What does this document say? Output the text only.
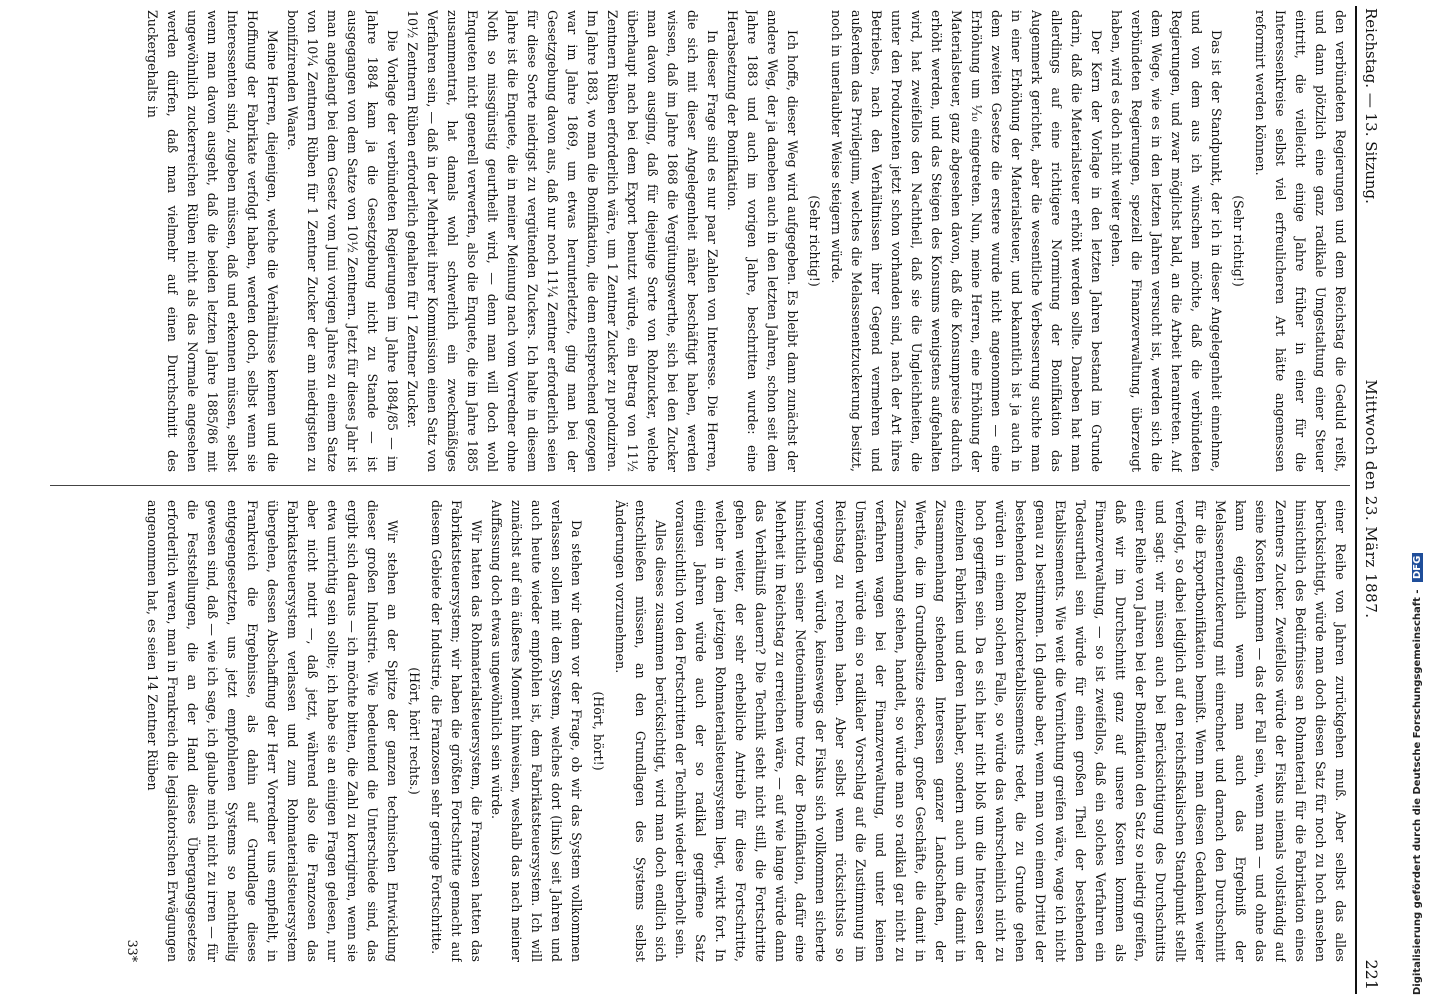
Reichstag. — 13. Sitzung.
Mittwoch den 23. März 1887.
221

den verbündeten Regierungen und dem Reichstag die Geduld reißt, und dann plötzlich eine ganz radikale Umgestaltung einer Steuer eintritt, die vielleicht einige Jahre früher in einer für die Interessenkreise selbst viel erfreulicheren Art hätte angemessen reformirt werden können.

(Sehr richtig!)

Das ist der Standpunkt, der ich in dieser Angelegenheit einnehme, und von dem aus ich wünschen möchte, daß die verbündeten Regierungen, und zwar möglichst bald, an die Arbeit herantreten. Auf dem Wege, wie es in den letzten Jahren versucht ist, werden sich die verbündeten Regierungen, speziell die Finanzverwaltung, überzeugt haben, wird es doch nicht weiter gehen.

Der Kern der Vorlage in den letzten Jahren bestand im Grunde darin, daß die Materialsteuer erhöht werden sollte. Daneben hat man allerdings auf eine richtigere Normirung der Bonifikation das Augenmerk gerichtet, aber die wesentliche Verbesserung suchte man in einer Erhöhung der Materialsteuer, und bekanntlich ist ja auch in dem zweiten Gesetze die erstere wurde nicht angenommen — eine Erhöhung um ⅒ eingetreten. Nun, meine Herren, eine Erhöhung der Materialsteuer, ganz abgesehen davon, daß die Konsumpreise dadurch erhöht werden, und das Steigen des Konsums wenigstens aufgehalten wird, hat zweifellos den Nachtheil, daß sie die Ungleichheiten, die unter den Produzenten jetzt schon vorhanden sind, nach der Art ihres Betriebes, nach den Verhältnissen ihrer Gegend vermehren und außerdem das Privilegium, welches die Melassenentzuckerung besitzt, noch in unerlaubter Weise steigern würde.

(Sehr richtig!)

Ich hoffe, dieser Weg wird aufgegeben. Es bleibt dann zunächst der andere Weg, der ja daneben auch in den letzten Jahren, schon seit dem Jahre 1883 und auch im vorigen Jahre, beschritten wurde: eine Herabsetzung der Bonifikation.

In dieser Frage sind es nur paar Zahlen von Interesse. Die Herren, die sich mit dieser Angelegenheit näher beschäftigt haben, werden wissen, daß im Jahre 1868 die Vergütungswerthe, sich bei den Zucker man davon ausging, daß für diejenige Sorte von Rohzucker, welche überhaupt nach bei dem Export benutzt würde, ein Betrag von 11½ Zentnern Rüben erforderlich wäre, um 1 Zentner Zucker zu produziren. Im Jahre 1883, wo man die Bonifikation, die dem entsprechend gezogen war im Jahre 1869, um etwas herunterletzte, ging man bei der Gesetzgebung davon aus, daß nur noch 11¼ Zentner erforderlich seien für diese Sorte niedrigst zu vergütenden Zuckers. Ich halte in diesem Jahre ist die Enquete, die in meiner Meinung nach vom Vorredner ohne Noth so missgünstig geurtheilt wird, — denn man will doch wohl Enqueten nicht generell verwerfen, also die Enquete, die im Jahre 1885 zusammentrat, hat damals wohl schwerlich ein zweckmäßiges Verfahren sein, — daß in der Mehrheit ihrer Kommission einen Satz von 10½ Zentnern Rüben erforderlich gehalten für 1 Zentner Zucker.

Die Vorlage der verbündeten Regierungen im Jahre 1884/85 — im Jahre 1884 kam ja die Gesetzgebung nicht zu Stande — ist ausgegangen von dem Satze von 10½ Zentnern. Jetzt für dieses Jahr ist man angelangt bei dem Gesetz vom Juni vorigen Jahres zu einem Satze von 10¼ Zentnern Rüben für 1 Zentner Zucker der am niedrigsten zu bonifizirenden Waare.

Meine Herren, diejenigen, welche die Verhältnisse kennen und die Hoffnung der Fabrikate verfolgt haben, werden doch, selbst wenn sie Interessenten sind, zugeben müssen, daß und erkennen müssen, selbst wenn man davon ausgeht, daß die beiden letzten Jahre 1885/86 mit ungewöhnlich zuckerreichen Rüben nicht als das Normale angesehen werden dürfen, daß man vielmehr auf einen Durchschnitt des Zuckergehalts in

einer Reihe von Jahren zurückgehen muß. Aber selbst das alles berücksichtigt, würde man doch diesen Satz für noch zu hoch ansehen hinsichtlich des Bedürfnisses an Rohmaterial für die Fabrikation eines Zentners Zucker. Zweifellos würde der Fiskus niemals vollständig auf seine Kosten kommen — das der Fall sein, wenn man — und ohne das kann eigentlich wenn man auch das Ergebniß der Melassenentzuckerung mit einrechnet und darnach den Durchschnitt für die Exportbonifikation bemißt. Wenn man diesen Gedanken weiter verfolgt, so dabei lediglich auf den reichsfiskalischen Standpunkt stellt und sagt: wir müssen auch bei Berücksichtigung des Durchschnitts einer Reihe von Jahren bei der Bonifikation den Satz so niedrig greifen, daß wir im Durchschnitt ganz auf unsere Kosten kommen als Finanzverwaltung, — so ist zweifellos, daß ein solches Verfahren ein Todesurtheil sein würde für einen großen Theil der bestehenden Etablissements. Wie weit die Vernichtung greifen wäre, wage ich nicht genau zu bestimmen. Ich glaube aber, wenn man von einem Drittel der bestehenden Rohzuckeretablissements redet, die zu Grunde gehen würden in einem solchen Falle, so würde das wahrscheinlich nicht zu hoch gegriffen sein. Da es sich hier nicht bloß um die Interessen der einzelnen Fabriken und deren Inhaber, sondern auch um die damit in Zusammenhang stehenden Interessen ganzer Landschaften, der Werthe, die im Grundbesitze stecken, großer Geschäfte, die damit in Zusammenhang stehen, handelt, so würde man so radikal gar nicht zu verfahren wagen bei der Finanzverwaltung, und unter keinen Umständen würde ein so radikaler Vorschlag auf die Zustimmung im Reichstag zu rechnen haben. Aber selbst wenn rücksichtslos so vorgegangen würde, keineswegs der Fiskus sich vollkommen sicherte hinsichtlich seiner Nettoeinnahme trotz der Bonifikation, dafür eine Mehrheit im Reichstag zu erreichen wäre, — auf wie lange würde dann das Verhältniß dauern? Die Technik steht nicht still, die Fortschritte gehen weiter, der sehr erhebliche Antrieb für diese Fortschritte, welcher in dem jetzigen Rohmaterialsteuersystem liegt, wirkt fort. In einigen Jahren würde auch der so radikal gegriffene Satz voraussichtlich von den Fortschritten der Technik wieder überholt sein.

Alles dieses zusammen berücksichtigt, wird man doch endlich sich entschließen müssen, an den Grundlagen des Systems selbst Änderungen vorzunehmen.

(Hört, hört!)

Da stehen wir denn vor der Frage, ob wir das System vollkommen verlassen sollen mit dem System, welches dort (links) seit Jahren und auch heute wieder empfohlen ist, dem Fabrikatsteuersystem. Ich will zunächst auf ein äußeres Moment hinweisen, weshalb das nach meiner Auffassung doch etwas ungewöhnlich sein würde.

Wir hatten das Rohmaterialsteuersystem, die Franzosen hatten das Fabrikatsteuersystem; wir haben die größten Fortschritte gemacht auf diesem Gebiete der Industrie, die Franzosen sehr geringe Fortschritte.

(Hört, hört! rechts.)

Wir stehen an der Spitze der ganzen technischen Entwicklung dieser großen Industrie. Wie bedeutend die Unterschiede sind, das ergibt sich daraus — ich möchte bitten, die Zahl zu korrigiren, wenn sie etwa unrichtig sein sollte; ich habe sie an einigen Fragen gelesen, nur aber nicht notirt —, daß jetzt, während also die Franzosen das Fabrikatsteuersystem verlassen und zum Rohmaterialsteuersystem übergehen, dessen Abschaffung der Herr Vorredner uns empfiehlt, in Frankreich die Ergebnisse, als dahin auf Grundlage dieses entgegengesetzten, uns jetzt empfohlenen Systems so nachtheilig gewesen sind, daß — wie ich sage, ich glaube mich nicht zu irren — für die Feststellungen, die an der Hand dieses Übergangsgesetzes erforderlich waren, man in Frankreich die legislatorischen Erwägungen angenommen hat, es seien 14 Zentner Rüben

33*	Digitalisierung gefördert durch die Deutsche Forschungsgemeinschaft - DFG
